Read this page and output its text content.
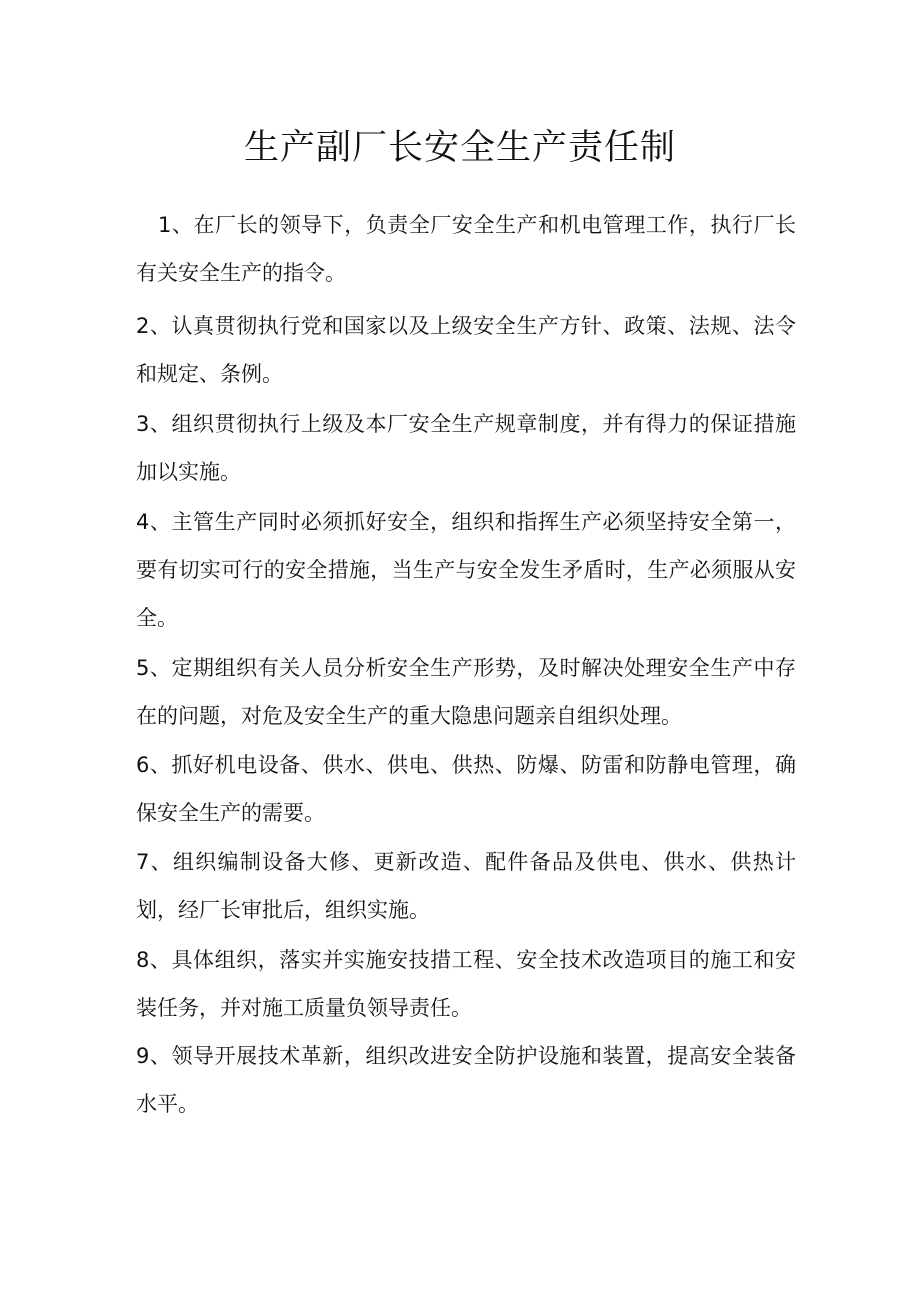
生产副厂长安全生产责任制

1、在厂长的领导下，负责全厂安全生产和机电管理工作，执行厂长有关安全生产的指令。

2、认真贯彻执行党和国家以及上级安全生产方针、政策、法规、法令和规定、条例。

3、组织贯彻执行上级及本厂安全生产规章制度，并有得力的保证措施加以实施。

4、主管生产同时必须抓好安全，组织和指挥生产必须坚持安全第一，要有切实可行的安全措施，当生产与安全发生矛盾时，生产必须服从安全。

5、定期组织有关人员分析安全生产形势，及时解决处理安全生产中存在的问题，对危及安全生产的重大隐患问题亲自组织处理。

6、抓好机电设备、供水、供电、供热、防爆、防雷和防静电管理，确保安全生产的需要。

7、组织编制设备大修、更新改造、配件备品及供电、供水、供热计划，经厂长审批后，组织实施。

8、具体组织，落实并实施安技措工程、安全技术改造项目的施工和安装任务，并对施工质量负领导责任。

9、领导开展技术革新，组织改进安全防护设施和装置，提高安全装备水平。
